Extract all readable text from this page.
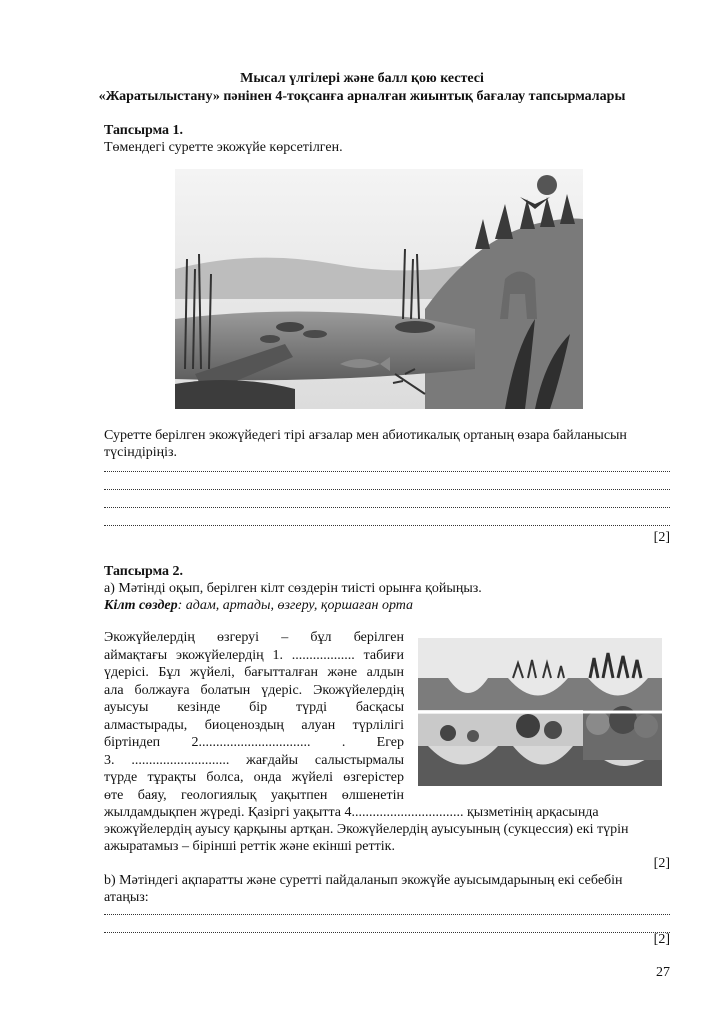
Мысал үлгілері және балл қою кестесі
«Жаратылыстану» пәнінен 4-тоқсанға арналған жиынтық бағалау тапсырмалары
Тапсырма 1.
Төмендегі суретте экожүйе көрсетілген.
Суретте берілген экожүйедегі тірі ағзалар мен абиотикалық ортаның өзара байланысын
түсіндіріңіз.
[2]
Тапсырма 2.
a) Мәтінді оқып, берілген кілт сөздерін тиісті орынға қойыңыз.
Кілт сөздер: адам, артады, өзгеру, қоршаған орта
Экожүйелердің өзгеруі – бұл берілген
аймақтағы экожүйелердің 1. .................. табиғи
үдерісі. Бұл жүйелі, бағытталған және алдын
ала болжауға болатын үдеріс. Экожүйелердің
ауысуы кезінде бір түрді басқасы
алмастырады, биоценоздың алуан түрлілігі
біртіндеп 2................................ . Егер
3. ............................ жағдайы салыстырмалы
түрде тұрақты болса, онда жүйелі өзгерістер
өте баяу, геологиялық уақытпен өлшенетін
жылдамдықпен жүреді. Қазіргі уақытта 4................................ қызметінің арқасында
экожүйелердің ауысу қарқыны артқан. Экожүйелердің ауысуының (сукцессия) екі түрін
ажыратамыз – бірінші реттік және екінші реттік.
[2]
b) Мәтіндегі ақпаратты және суретті пайдаланып экожүйе ауысымдарының екі себебін
атаңыз:
[2]
27
